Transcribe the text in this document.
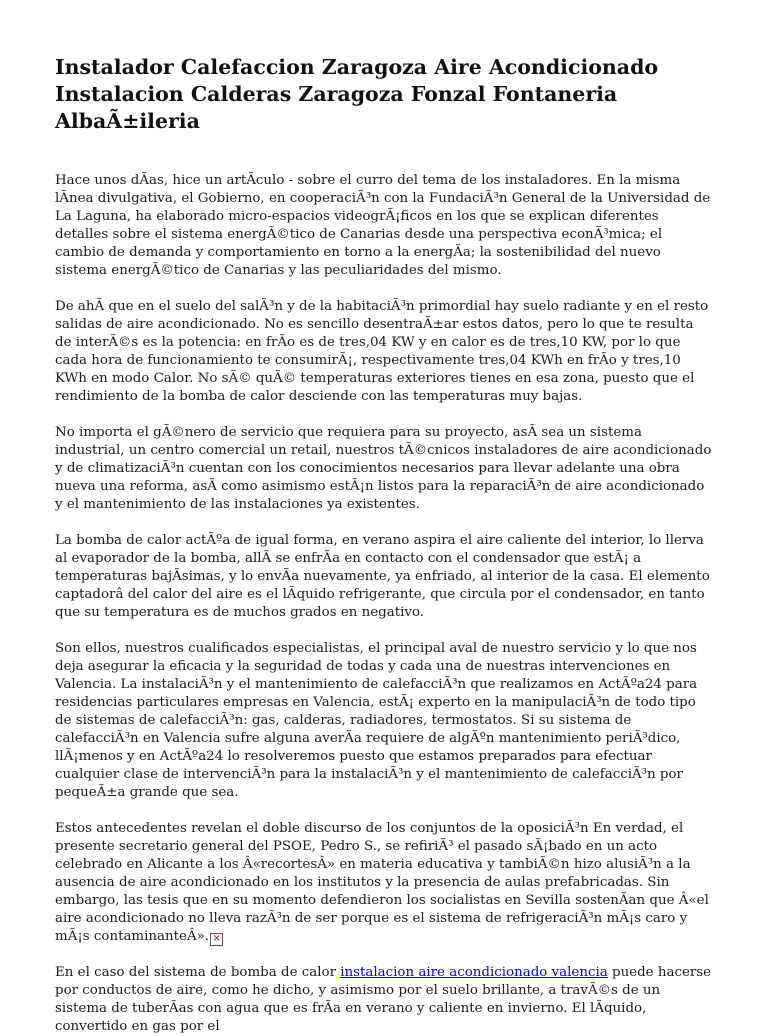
Instalador Calefaccion Zaragoza Aire Acondicionado Instalacion Calderas Zaragoza Fonzal Fontaneria AlbaÃ±ileria

Hace unos dÃas, hice un artÃculo - sobre el curro del tema de los instaladores. En la misma lÃnea divulgativa, el Gobierno, en cooperaciÃ³n con la FundaciÃ³n General de la Universidad de La Laguna, ha elaborado micro-espacios videogrÃ¡ficos en los que se explican diferentes detalles sobre el sistema energÃ©tico de Canarias desde una perspectiva econÃ³mica; el cambio de demanda y comportamiento en torno a la energÃa; la sostenibilidad del nuevo sistema energÃ©tico de Canarias y las peculiaridades del mismo.

De ahÃ que en el suelo del salÃ³n y de la habitaciÃ³n primordial hay suelo radiante y en el resto salidas de aire acondicionado. No es sencillo desentraÃ±ar estos datos, pero lo que te resulta de interÃ©s es la potencia: en frÃo es de tres,04 KW y en calor es de tres,10 KW, por lo que cada hora de funcionamiento te consumirÃ¡, respectivamente tres,04 KWh en frÃo y tres,10 KWh en modo Calor. No sÃ© quÃ© temperaturas exteriores tienes en esa zona, puesto que el rendimiento de la bomba de calor desciende con las temperaturas muy bajas.

No importa el gÃ©nero de servicio que requiera para su proyecto, asÃ sea un sistema industrial, un centro comercial un retail, nuestros tÃ©cnicos instaladores de aire acondicionado y de climatizaciÃ³n cuentan con los conocimientos necesarios para llevar adelante una obra nueva una reforma, asÃ como asimismo estÃ¡n listos para la reparaciÃ³n de aire acondicionado y el mantenimiento de las instalaciones ya existentes.

La bomba de calor actÃºa de igual forma, en verano aspira el aire caliente del interior, lo llerva al evaporador de la bomba, allÃ se enfrÃa en contacto con el condensador que estÃ¡ a temperaturas bajÃsimas, y lo envÃa nuevamente, ya enfriado, al interior de la casa. El elemento captadorâ del calor del aire es el lÃquido refrigerante, que circula por el condensador, en tanto que su temperatura es de muchos grados en negativo.

Son ellos, nuestros cualificados especialistas, el principal aval de nuestro servicio y lo que nos deja asegurar la eficacia y la seguridad de todas y cada una de nuestras intervenciones en Valencia. La instalaciÃ³n y el mantenimiento de calefacciÃ³n que realizamos en ActÃºa24 para residencias particulares empresas en Valencia, estÃ¡ experto en la manipulaciÃ³n de todo tipo de sistemas de calefacciÃ³n: gas, calderas, radiadores, termostatos. Si su sistema de calefacciÃ³n en Valencia sufre alguna averÃa requiere de algÃºn mantenimiento periÃ³dico, llÃ¡menos y en ActÃºa24 lo resolveremos puesto que estamos preparados para efectuar cualquier clase de intervenciÃ³n para la instalaciÃ³n y el mantenimiento de calefacciÃ³n por pequeÃ±a grande que sea.

Estos antecedentes revelan el doble discurso de los conjuntos de la oposiciÃ³n En verdad, el presente secretario general del PSOE, Pedro S., se refiriÃ³ el pasado sÃ¡bado en un acto celebrado en Alicante a los Â«recortesÂ» en materia educativa y tambiÃ©n hizo alusiÃ³n a la ausencia de aire acondicionado en los institutos y la presencia de aulas prefabricadas. Sin embargo, las tesis que en su momento defendieron los socialistas en Sevilla sostenÃan que Â«el aire acondicionado no lleva razÃ³n de ser porque es el sistema de refrigeraciÃ³n mÃ¡s caro y mÃ¡s contaminanteÂ». ×

En el caso del sistema de bomba de calor instalacion aire acondicionado valencia puede hacerse por conductos de aire, como he dicho, y asimismo por el suelo brillante, a travÃ©s de un sistema de tuberÃas con agua que es frÃa en verano y caliente en invierno. El lÃquido, convertido en gas por el
